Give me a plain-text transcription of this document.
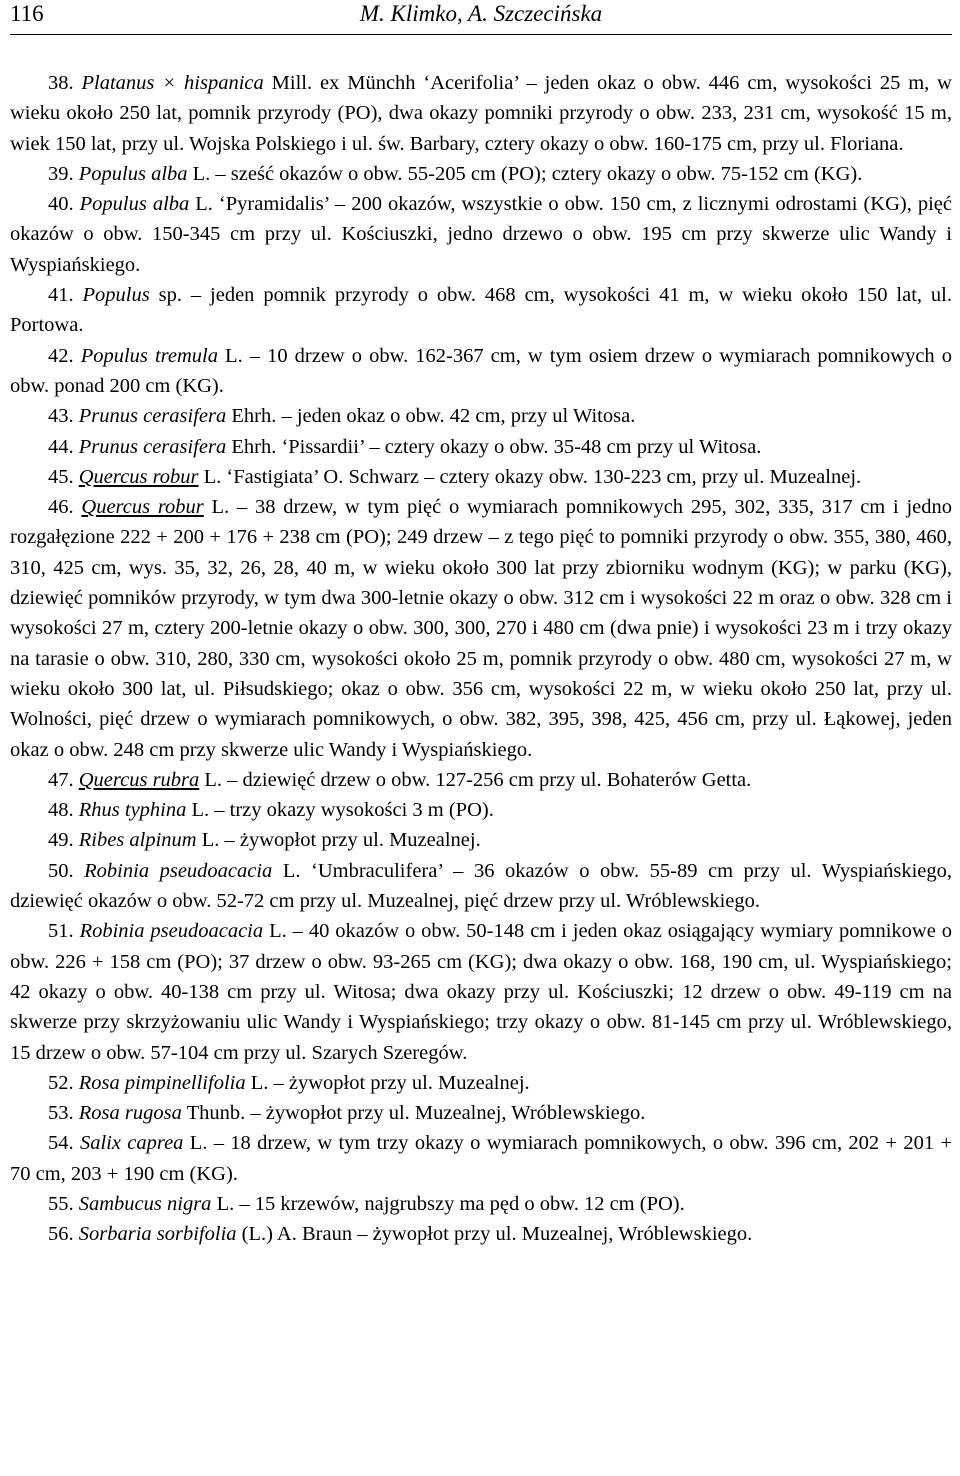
116	M. Klimko, A. Szczecińska

38. Platanus × hispanica Mill. ex Münchh ‘Acerifolia’ – jeden okaz o obw. 446 cm, wysokości 25 m, w wieku około 250 lat, pomnik przyrody (PO), dwa okazy pomniki przyrody o obw. 233, 231 cm, wysokość 15 m, wiek 150 lat, przy ul. Wojska Polskiego i ul. św. Barbary, cztery okazy o obw. 160-175 cm, przy ul. Floriana.

39. Populus alba L. – sześć okazów o obw. 55-205 cm (PO); cztery okazy o obw. 75-152 cm (KG).

40. Populus alba L. ‘Pyramidalis’ – 200 okazów, wszystkie o obw. 150 cm, z licznymi odrostami (KG), pięć okazów o obw. 150-345 cm przy ul. Kościuszki, jedno drzewo o obw. 195 cm przy skwerze ulic Wandy i Wyspiańskiego.

41. Populus sp. – jeden pomnik przyrody o obw. 468 cm, wysokości 41 m, w wieku około 150 lat, ul. Portowa.

42. Populus tremula L. – 10 drzew o obw. 162-367 cm, w tym osiem drzew o wymiarach pomnikowych o obw. ponad 200 cm (KG).

43. Prunus cerasifera Ehrh. – jeden okaz o obw. 42 cm, przy ul Witosa.

44. Prunus cerasifera Ehrh. ‘Pissardii’ – cztery okazy o obw. 35-48 cm przy ul Witosa.

45. Quercus robur L. ‘Fastigiata’ O. Schwarz – cztery okazy obw. 130-223 cm, przy ul. Muzealnej.

46. Quercus robur L. – 38 drzew, w tym pięć o wymiarach pomnikowych 295, 302, 335, 317 cm i jedno rozgałęzione 222 + 200 + 176 + 238 cm (PO); 249 drzew – z tego pięć to pomniki przyrody o obw. 355, 380, 460, 310, 425 cm, wys. 35, 32, 26, 28, 40 m, w wieku około 300 lat przy zbiorniku wodnym (KG); w parku (KG), dziewięć pomników przyrody, w tym dwa 300-letnie okazy o obw. 312 cm i wysokości 22 m oraz o obw. 328 cm i wysokości 27 m, cztery 200-letnie okazy o obw. 300, 300, 270 i 480 cm (dwa pnie) i wysokości 23 m i trzy okazy na tarasie o obw. 310, 280, 330 cm, wysokości około 25 m, pomnik przyrody o obw. 480 cm, wysokości 27 m, w wieku około 300 lat, ul. Piłsudskiego; okaz o obw. 356 cm, wysokości 22 m, w wieku około 250 lat, przy ul. Wolności, pięć drzew o wymiarach pomnikowych, o obw. 382, 395, 398, 425, 456 cm, przy ul. Łąkowej, jeden okaz o obw. 248 cm przy skwerze ulic Wandy i Wyspiańskiego.

47. Quercus rubra L. – dziewięć drzew o obw. 127-256 cm przy ul. Bohaterów Getta.

48. Rhus typhina L. – trzy okazy wysokości 3 m (PO).

49. Ribes alpinum L. – żywopłot przy ul. Muzealnej.

50. Robinia pseudoacacia L. ‘Umbraculifera’ – 36 okazów o obw. 55-89 cm przy ul. Wyspiańskiego, dziewięć okazów o obw. 52-72 cm przy ul. Muzealnej, pięć drzew przy ul. Wróblewskiego.

51. Robinia pseudoacacia L. – 40 okazów o obw. 50-148 cm i jeden okaz osiągający wymiary pomnikowe o obw. 226 + 158 cm (PO); 37 drzew o obw. 93-265 cm (KG); dwa okazy o obw. 168, 190 cm, ul. Wyspiańskiego; 42 okazy o obw. 40-138 cm przy ul. Witosa; dwa okazy przy ul. Kościuszki; 12 drzew o obw. 49-119 cm na skwerze przy skrzyżowaniu ulic Wandy i Wyspiańskiego; trzy okazy o obw. 81-145 cm przy ul. Wróblewskiego, 15 drzew o obw. 57-104 cm przy ul. Szarych Szeregów.

52. Rosa pimpinellifolia L. – żywopłot przy ul. Muzealnej.

53. Rosa rugosa Thunb. – żywopłot przy ul. Muzealnej, Wróblewskiego.

54. Salix caprea L. – 18 drzew, w tym trzy okazy o wymiarach pomnikowych, o obw. 396 cm, 202 + 201 + 70 cm, 203 + 190 cm (KG).

55. Sambucus nigra L. – 15 krzewów, najgrubszy ma pęd o obw. 12 cm (PO).

56. Sorbaria sorbifolia (L.) A. Braun – żywopłot przy ul. Muzealnej, Wróblewskiego.
